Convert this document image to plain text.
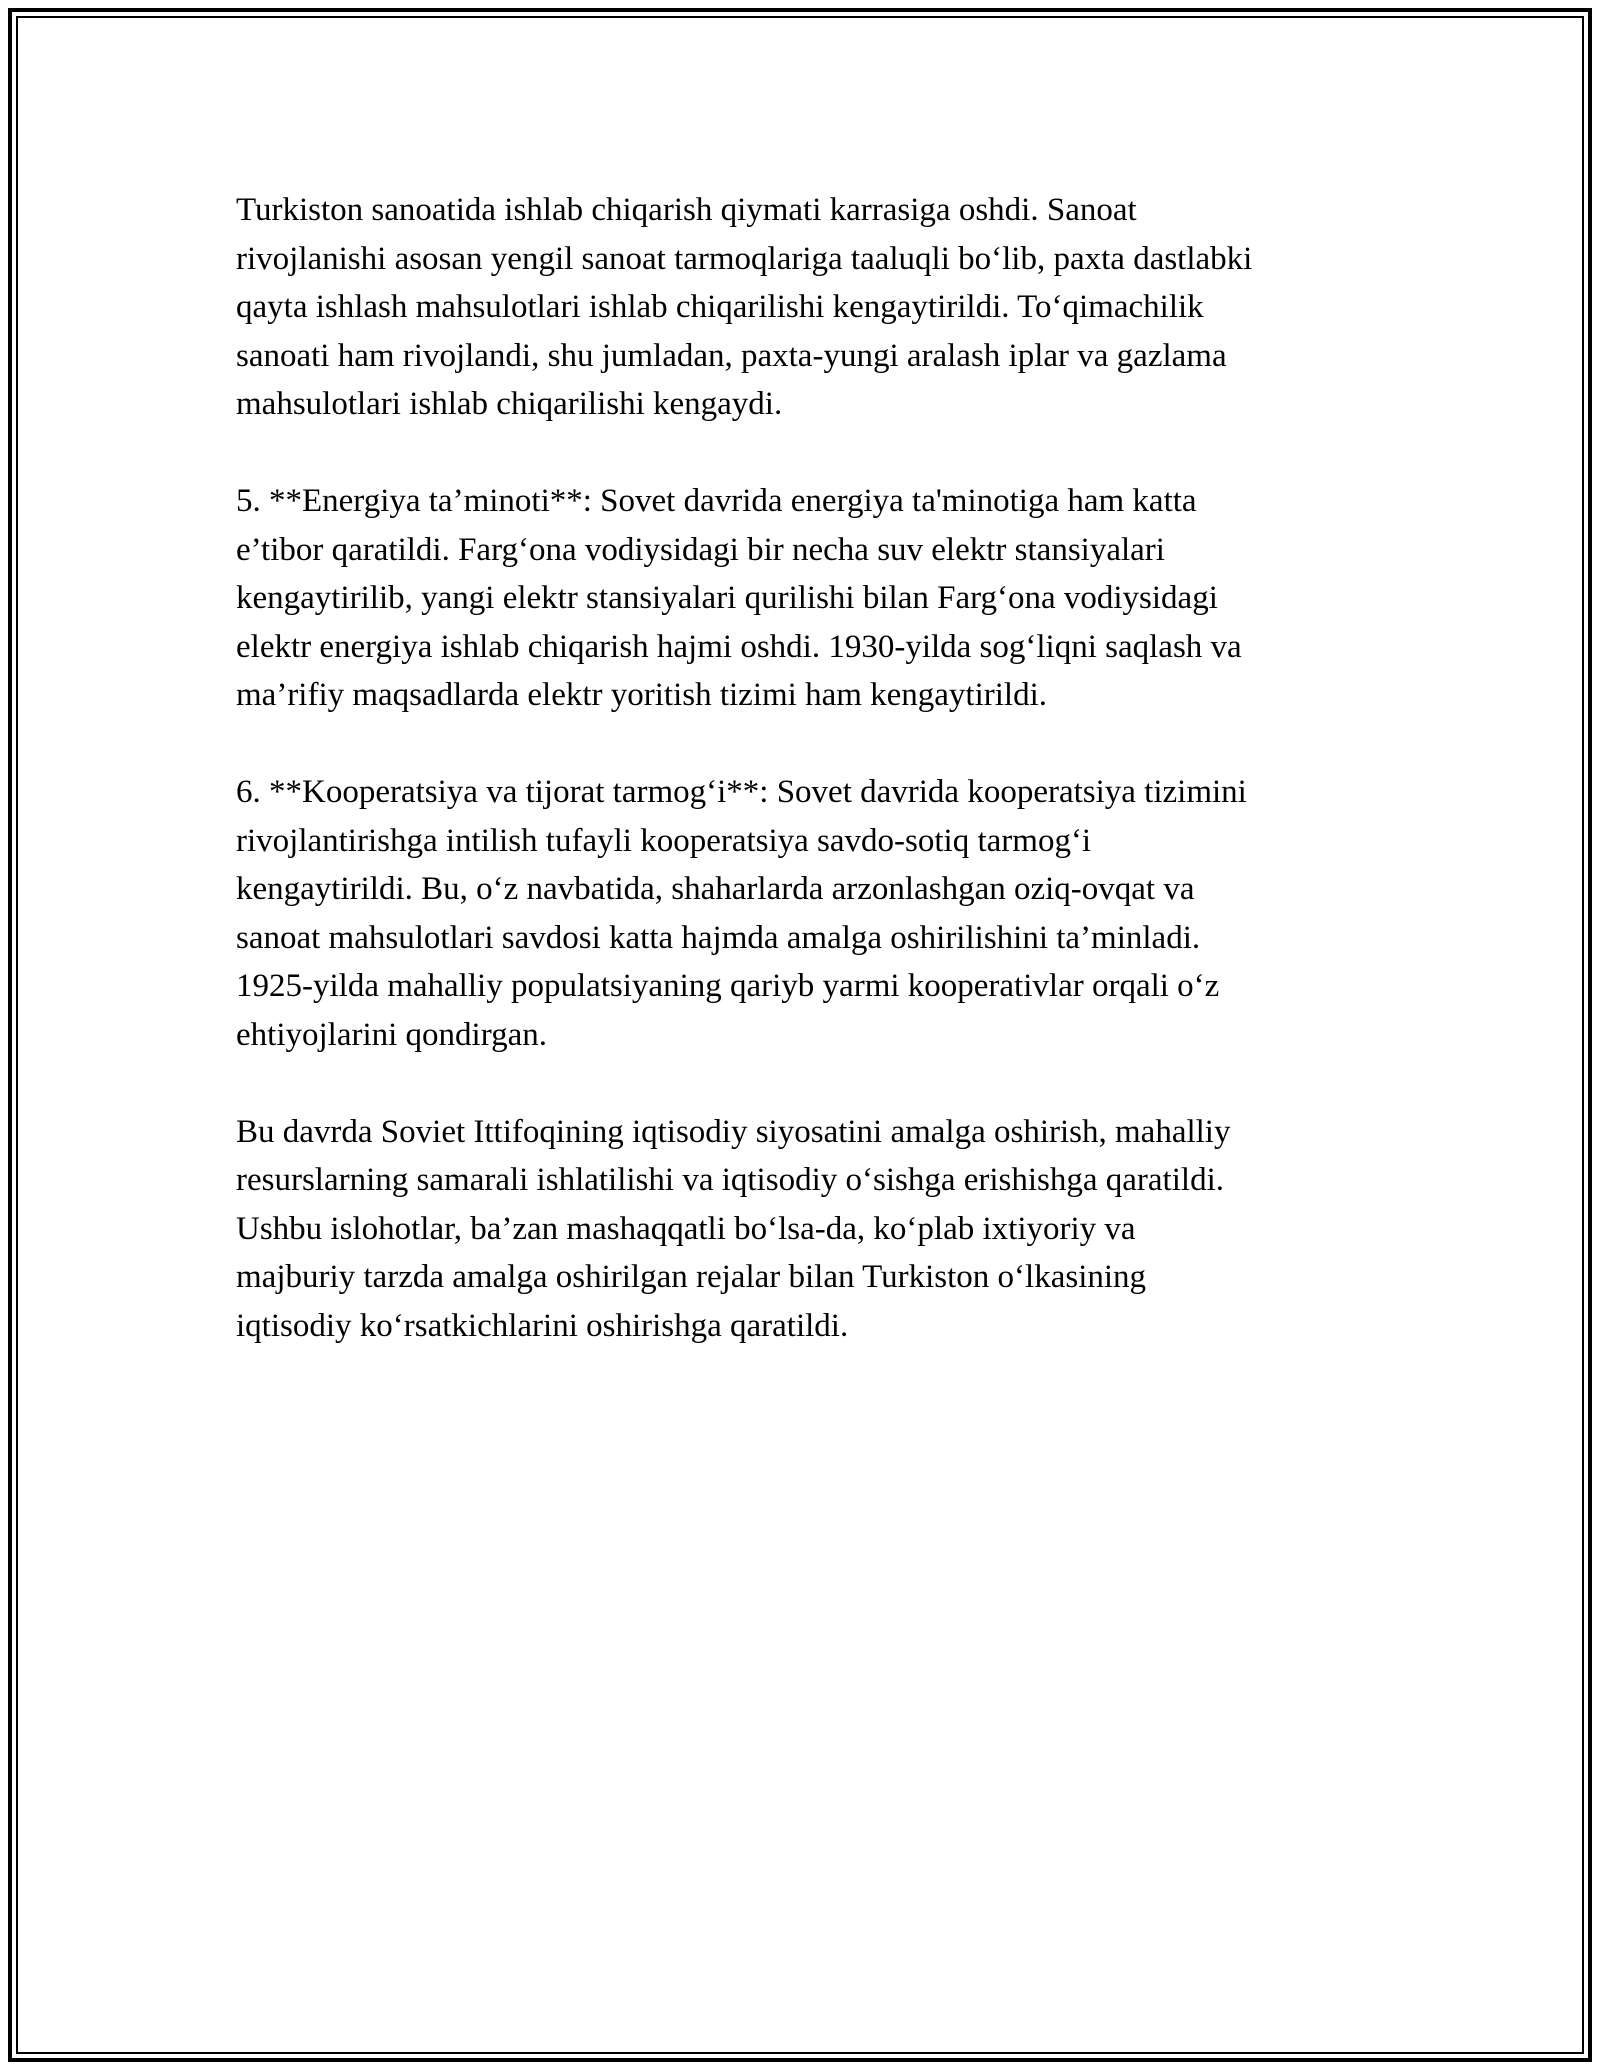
Turkiston sanoatida ishlab chiqarish qiymati karrasiga oshdi. Sanoat
rivojlanishi asosan yengil sanoat tarmoqlariga taaluqli bo‘lib, paxta dastlabki
qayta ishlash mahsulotlari ishlab chiqarilishi kengaytirildi. To‘qimachilik
sanoati ham rivojlandi, shu jumladan, paxta-yungi aralash iplar va gazlama
mahsulotlari ishlab chiqarilishi kengaydi.

5. **Energiya ta’minoti**: Sovet davrida energiya ta'minotiga ham katta
e’tibor qaratildi. Farg‘ona vodiysidagi bir necha suv elektr stansiyalari
kengaytirilib, yangi elektr stansiyalari qurilishi bilan Farg‘ona vodiysidagi
elektr energiya ishlab chiqarish hajmi oshdi. 1930-yilda sog‘liqni saqlash va
ma’rifiy maqsadlarda elektr yoritish tizimi ham kengaytirildi.

6. **Kooperatsiya va tijorat tarmog‘i**: Sovet davrida kooperatsiya tizimini
rivojlantirishga intilish tufayli kooperatsiya savdo-sotiq tarmog‘i
kengaytirildi. Bu, o‘z navbatida, shaharlarda arzonlashgan oziq-ovqat va
sanoat mahsulotlari savdosi katta hajmda amalga oshirilishini ta’minladi.
1925-yilda mahalliy populatsiyaning qariyb yarmi kooperativlar orqali o‘z
ehtiyojlarini qondirgan.

Bu davrda Soviet Ittifoqining iqtisodiy siyosatini amalga oshirish, mahalliy
resurslarning samarali ishlatilishi va iqtisodiy o‘sishga erishishga qaratildi.
Ushbu islohotlar, ba’zan mashaqqatli bo‘lsa-da, ko‘plab ixtiyoriy va
majburiy tarzda amalga oshirilgan rejalar bilan Turkiston o‘lkasining
iqtisodiy ko‘rsatkichlarini oshirishga qaratildi.
